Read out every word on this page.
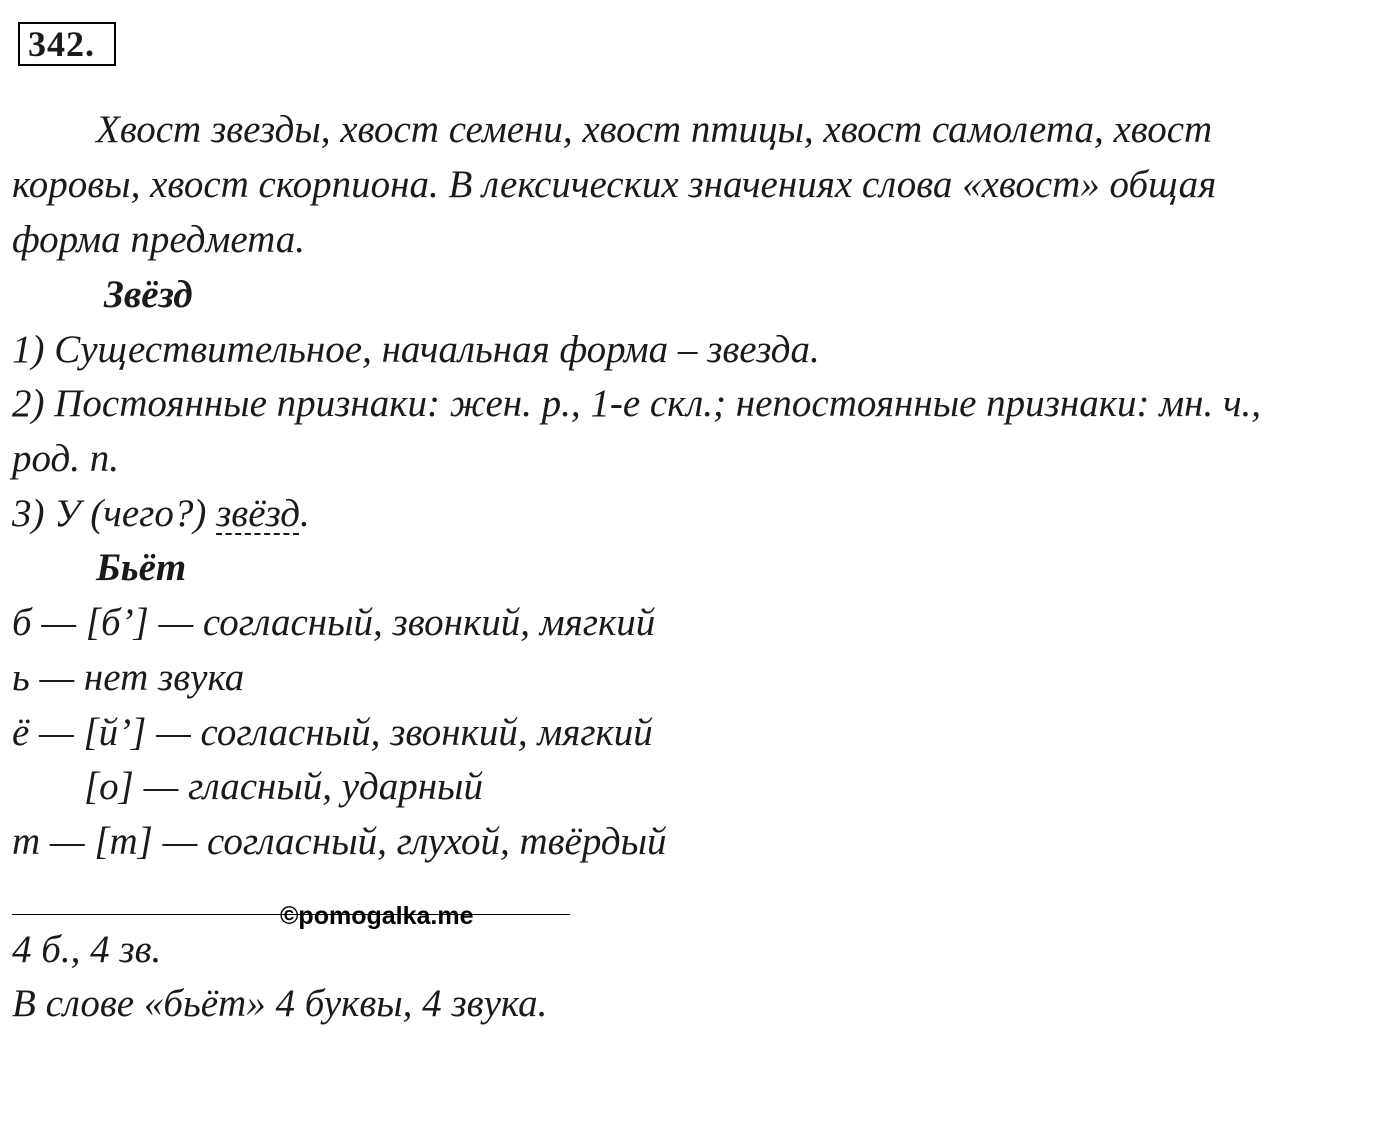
342.
Хвост звезды, хвост семени, хвост птицы, хвост самолета, хвост
коровы, хвост скорпиона. В лексических значениях слова «хвост» общая
форма предмета.
Звёзд
1) Существительное, начальная форма – звезда.
2) Постоянные признаки: жен. р., 1-е скл.; непостоянные признаки: мн. ч.,
род. п.
3) У (чего?) звёзд.
Бьёт
б — [б’] — согласный, звонкий, мягкий
ь — нет звука
ё — [й’] — согласный, звонкий, мягкий
[о] — гласный, ударный
т — [т] — согласный, глухой, твёрдый
©pomogalka.me
4 б., 4 зв.
В слове «бьёт» 4 буквы, 4 звука.
